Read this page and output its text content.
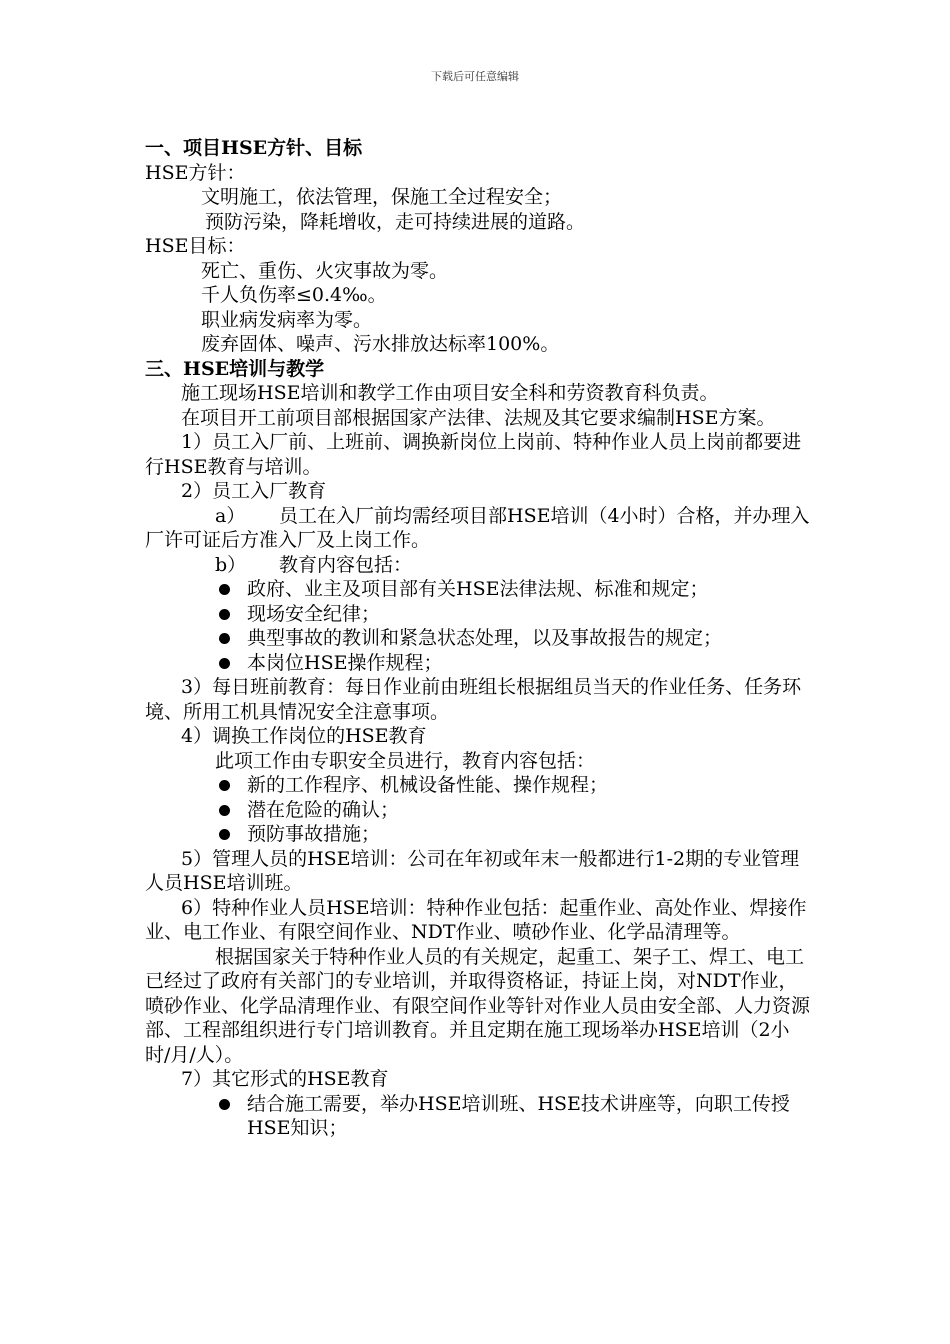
下载后可任意编辑
一、项目HSE方针、目标
HSE方针：
文明施工，依法管理，保施工全过程安全；
预防污染，降耗增收，走可持续进展的道路。
HSE目标：
死亡、重伤、火灾事故为零。
千人负伤率≤0.4‰。
职业病发病率为零。
废弃固体、噪声、污水排放达标率100%。
三、HSE培训与教学
施工现场HSE培训和教学工作由项目安全科和劳资教育科负责。
在项目开工前项目部根据国家产法律、法规及其它要求编制HSE方案。
1）员工入厂前、上班前、调换新岗位上岗前、特种作业人员上岗前都要进行HSE教育与培训。
2）员工入厂教育
a） 员工在入厂前均需经项目部HSE培训（4小时）合格，并办理入厂许可证后方准入厂及上岗工作。
b） 教育内容包括：
政府、业主及项目部有关HSE法律法规、标准和规定；
现场安全纪律；
典型事故的教训和紧急状态处理，以及事故报告的规定；
本岗位HSE操作规程；
3）每日班前教育：每日作业前由班组长根据组员当天的作业任务、任务环境、所用工机具情况安全注意事项。
4）调换工作岗位的HSE教育
此项工作由专职安全员进行，教育内容包括：
新的工作程序、机械设备性能、操作规程；
潜在危险的确认；
预防事故措施；
5）管理人员的HSE培训：公司在年初或年末一般都进行1-2期的专业管理人员HSE培训班。
6）特种作业人员HSE培训：特种作业包括：起重作业、高处作业、焊接作业、电工作业、有限空间作业、NDT作业、喷砂作业、化学品清理等。
根据国家关于特种作业人员的有关规定，起重工、架子工、焊工、电工已经过了政府有关部门的专业培训，并取得资格证，持证上岗，对NDT作业，喷砂作业、化学品清理作业、有限空间作业等针对作业人员由安全部、人力资源部、工程部组织进行专门培训教育。并且定期在施工现场举办HSE培训（2小时/月/人）。
7）其它形式的HSE教育
结合施工需要，举办HSE培训班、HSE技术讲座等，向职工传授HSE知识；
